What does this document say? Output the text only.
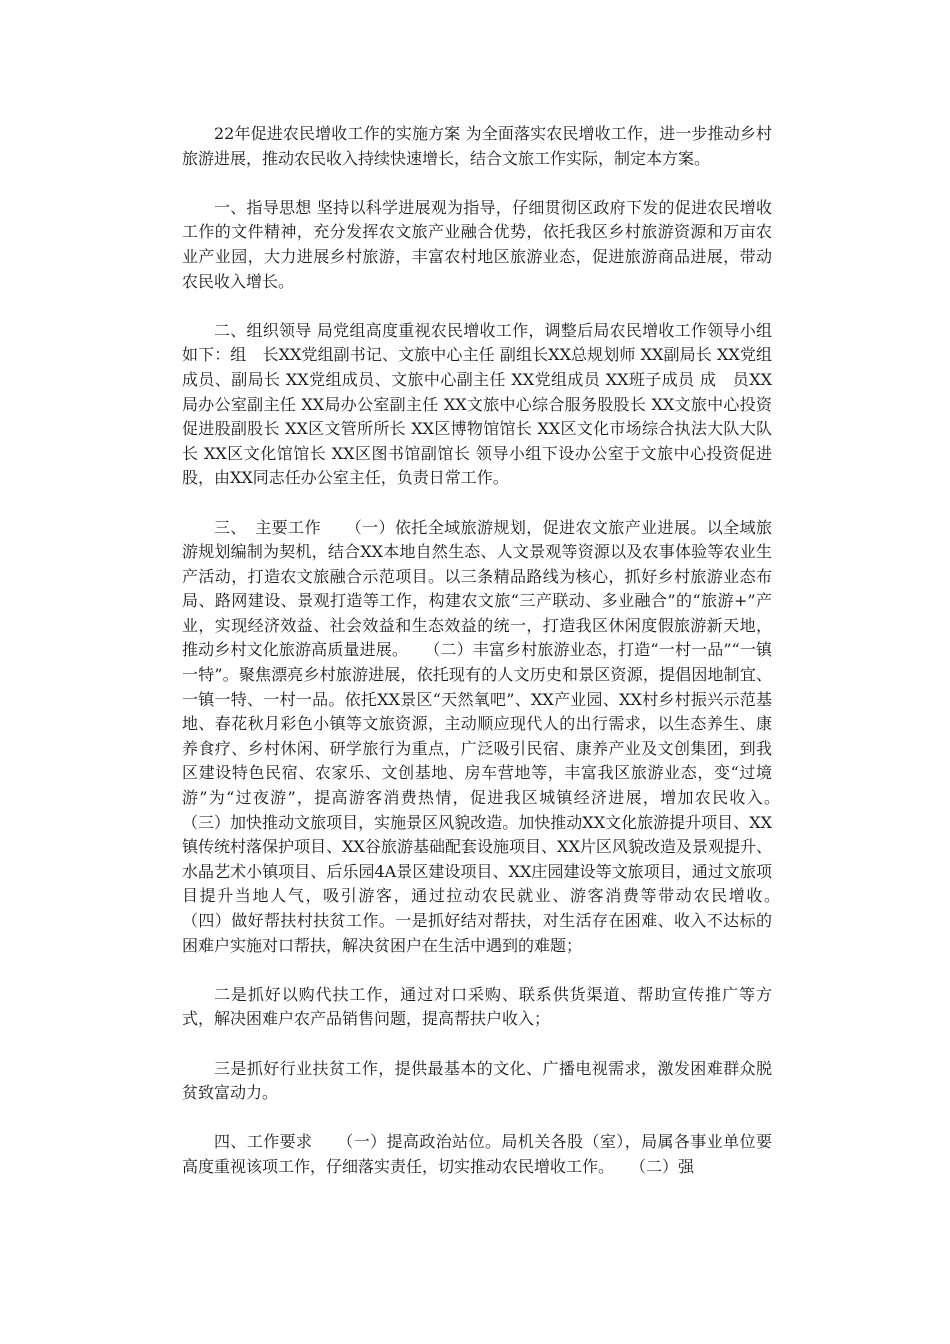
22年促进农民增收工作的实施方案 为全面落实农民增收工作，进一步推动乡村旅游进展，推动农民收入持续快速增长，结合文旅工作实际，制定本方案。

一、指导思想 坚持以科学进展观为指导，仔细贯彻区政府下发的促进农民增收工作的文件精神，充分发挥农文旅产业融合优势，依托我区乡村旅游资源和万亩农业产业园，大力进展乡村旅游，丰富农村地区旅游业态，促进旅游商品进展，带动农民收入增长。

二、组织领导 局党组高度重视农民增收工作，调整后局农民增收工作领导小组如下：组　长XX党组副书记、文旅中心主任 副组长XX总规划师 XX副局长 XX党组成员、副局长 XX党组成员、文旅中心副主任 XX党组成员 XX班子成员 成　员XX局办公室副主任 XX局办公室副主任 XX文旅中心综合服务股股长 XX文旅中心投资促进股副股长 XX区文管所所长 XX区博物馆馆长 XX区文化市场综合执法大队大队长 XX区文化馆馆长 XX区图书馆副馆长 领导小组下设办公室于文旅中心投资促进股，由XX同志任办公室主任，负责日常工作。

三、　主要工作　　（一）依托全域旅游规划，促进农文旅产业进展。以全域旅游规划编制为契机，结合XX本地自然生态、人文景观等资源以及农事体验等农业生产活动，打造农文旅融合示范项目。以三条精品路线为核心，抓好乡村旅游业态布局、路网建设、景观打造等工作，构建农文旅“三产联动、多业融合”的“旅游+”产业，实现经济效益、社会效益和生态效益的统一，打造我区休闲度假旅游新天地，推动乡村文化旅游高质量进展。　　（二）丰富乡村旅游业态，打造“一村一品”“一镇一特”。聚焦漂亮乡村旅游进展，依托现有的人文历史和景区资源，提倡因地制宜、一镇一特、一村一品。依托XX景区“天然氧吧”、XX产业园、XX村乡村振兴示范基地、春花秋月彩色小镇等文旅资源，主动顺应现代人的出行需求，以生态养生、康养食疗、乡村休闲、研学旅行为重点，广泛吸引民宿、康养产业及文创集团，到我区建设特色民宿、农家乐、文创基地、房车营地等，丰富我区旅游业态，变“过境游”为“过夜游”，提高游客消费热情，促进我区城镇经济进展，增加农民收入。　　（三）加快推动文旅项目，实施景区风貌改造。加快推动XX文化旅游提升项目、XX镇传统村落保护项目、XX谷旅游基础配套设施项目、XX片区风貌改造及景观提升、水晶艺术小镇项目、后乐园4A景区建设项目、XX庄园建设等文旅项目，通过文旅项目提升当地人气，吸引游客，通过拉动农民就业、游客消费等带动农民增收。　　（四）做好帮扶村扶贫工作。一是抓好结对帮扶，对生活存在困难、收入不达标的困难户实施对口帮扶，解决贫困户在生活中遇到的难题；

二是抓好以购代扶工作，通过对口采购、联系供货渠道、帮助宣传推广等方式，解决困难户农产品销售问题，提高帮扶户收入；

三是抓好行业扶贫工作，提供最基本的文化、广播电视需求，激发困难群众脱贫致富动力。

四、工作要求　　（一）提高政治站位。局机关各股（室），局属各事业单位要高度重视该项工作，仔细落实责任，切实推动农民增收工作。　　（二）强
